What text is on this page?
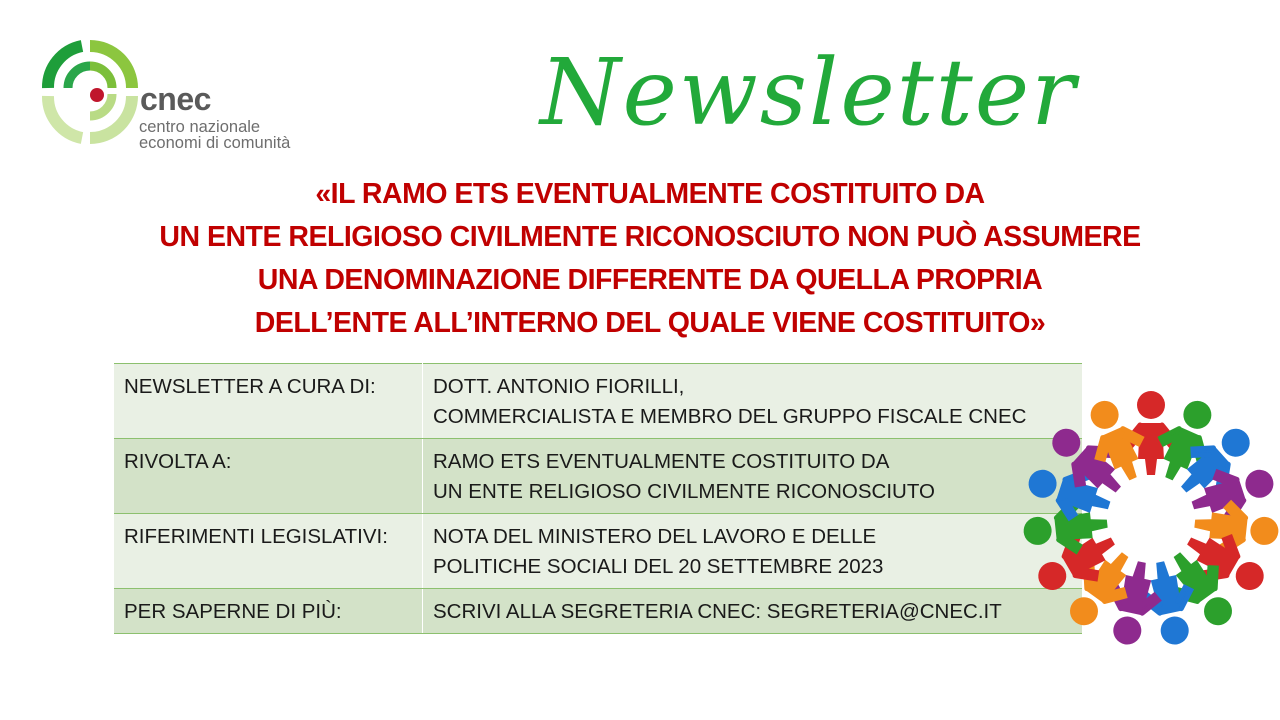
cnec
centro nazionale
economi di comunità	Newsletter
«IL RAMO ETS EVENTUALMENTE COSTITUITO DA
UN ENTE RELIGIOSO CIVILMENTE RICONOSCIUTO NON PUÒ ASSUMERE
UNA DENOMINAZIONE DIFFERENTE DA QUELLA PROPRIA
DELL’ENTE ALL’INTERNO DEL QUALE VIENE COSTITUITO»
NEWSLETTER A CURA DI:	DOTT. ANTONIO FIORILLI,
COMMERCIALISTA E MEMBRO DEL GRUPPO FISCALE CNEC

RIVOLTA A:	RAMO ETS EVENTUALMENTE COSTITUITO DA
UN ENTE RELIGIOSO CIVILMENTE RICONOSCIUTO

RIFERIMENTI LEGISLATIVI:	NOTA DEL MINISTERO DEL LAVORO E DELLE
POLITICHE SOCIALI DEL 20 SETTEMBRE 2023

PER SAPERNE DI PIÙ:	SCRIVI ALLA SEGRETERIA CNEC: SEGRETERIA@CNEC.IT
